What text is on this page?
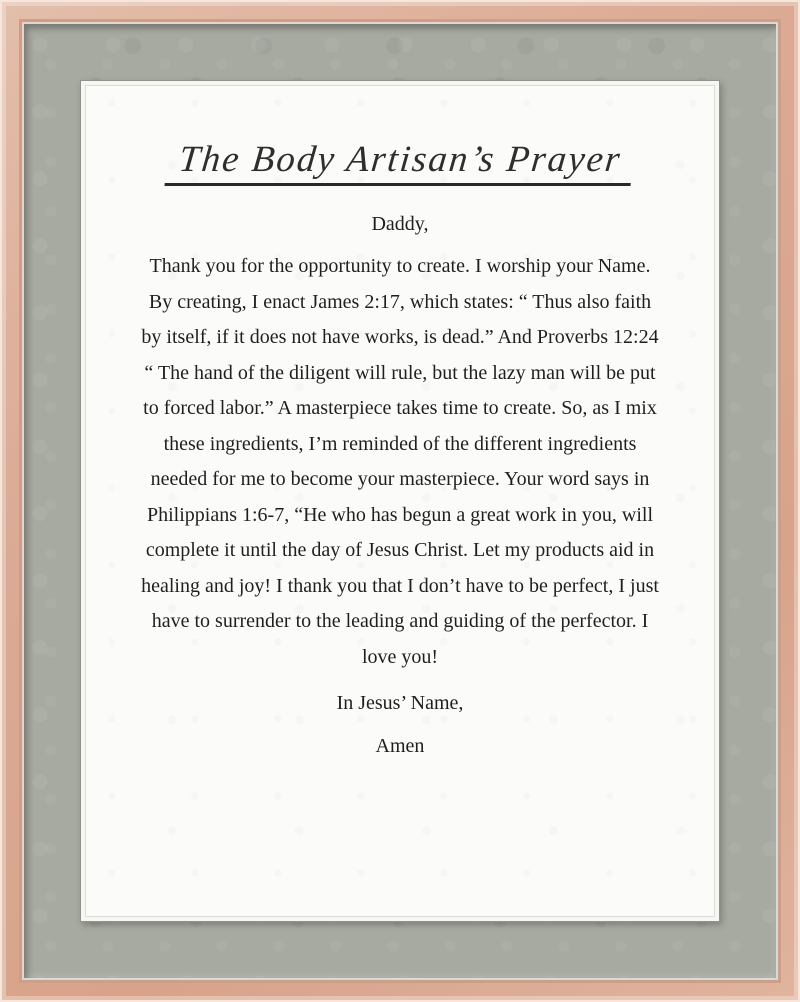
The Body Artisan’s Prayer
Daddy,

Thank you for the opportunity to create. I worship your Name. By creating, I enact James 2:17, which states: “ Thus also faith by itself, if it does not have works, is dead.” And Proverbs 12:24 “ The hand of the diligent will rule, but the lazy man will be put to forced labor.” A masterpiece takes time to create. So, as I mix these ingredients, I’m reminded of the different ingredients needed for me to become your masterpiece. Your word says in Philippians 1:6-7, “He who has begun a great work in you, will complete it until the day of Jesus Christ. Let my products aid in healing and joy! I thank you that I don’t have to be perfect, I just have to surrender to the leading and guiding of the perfector. I love you!

In Jesus’ Name,
Amen
